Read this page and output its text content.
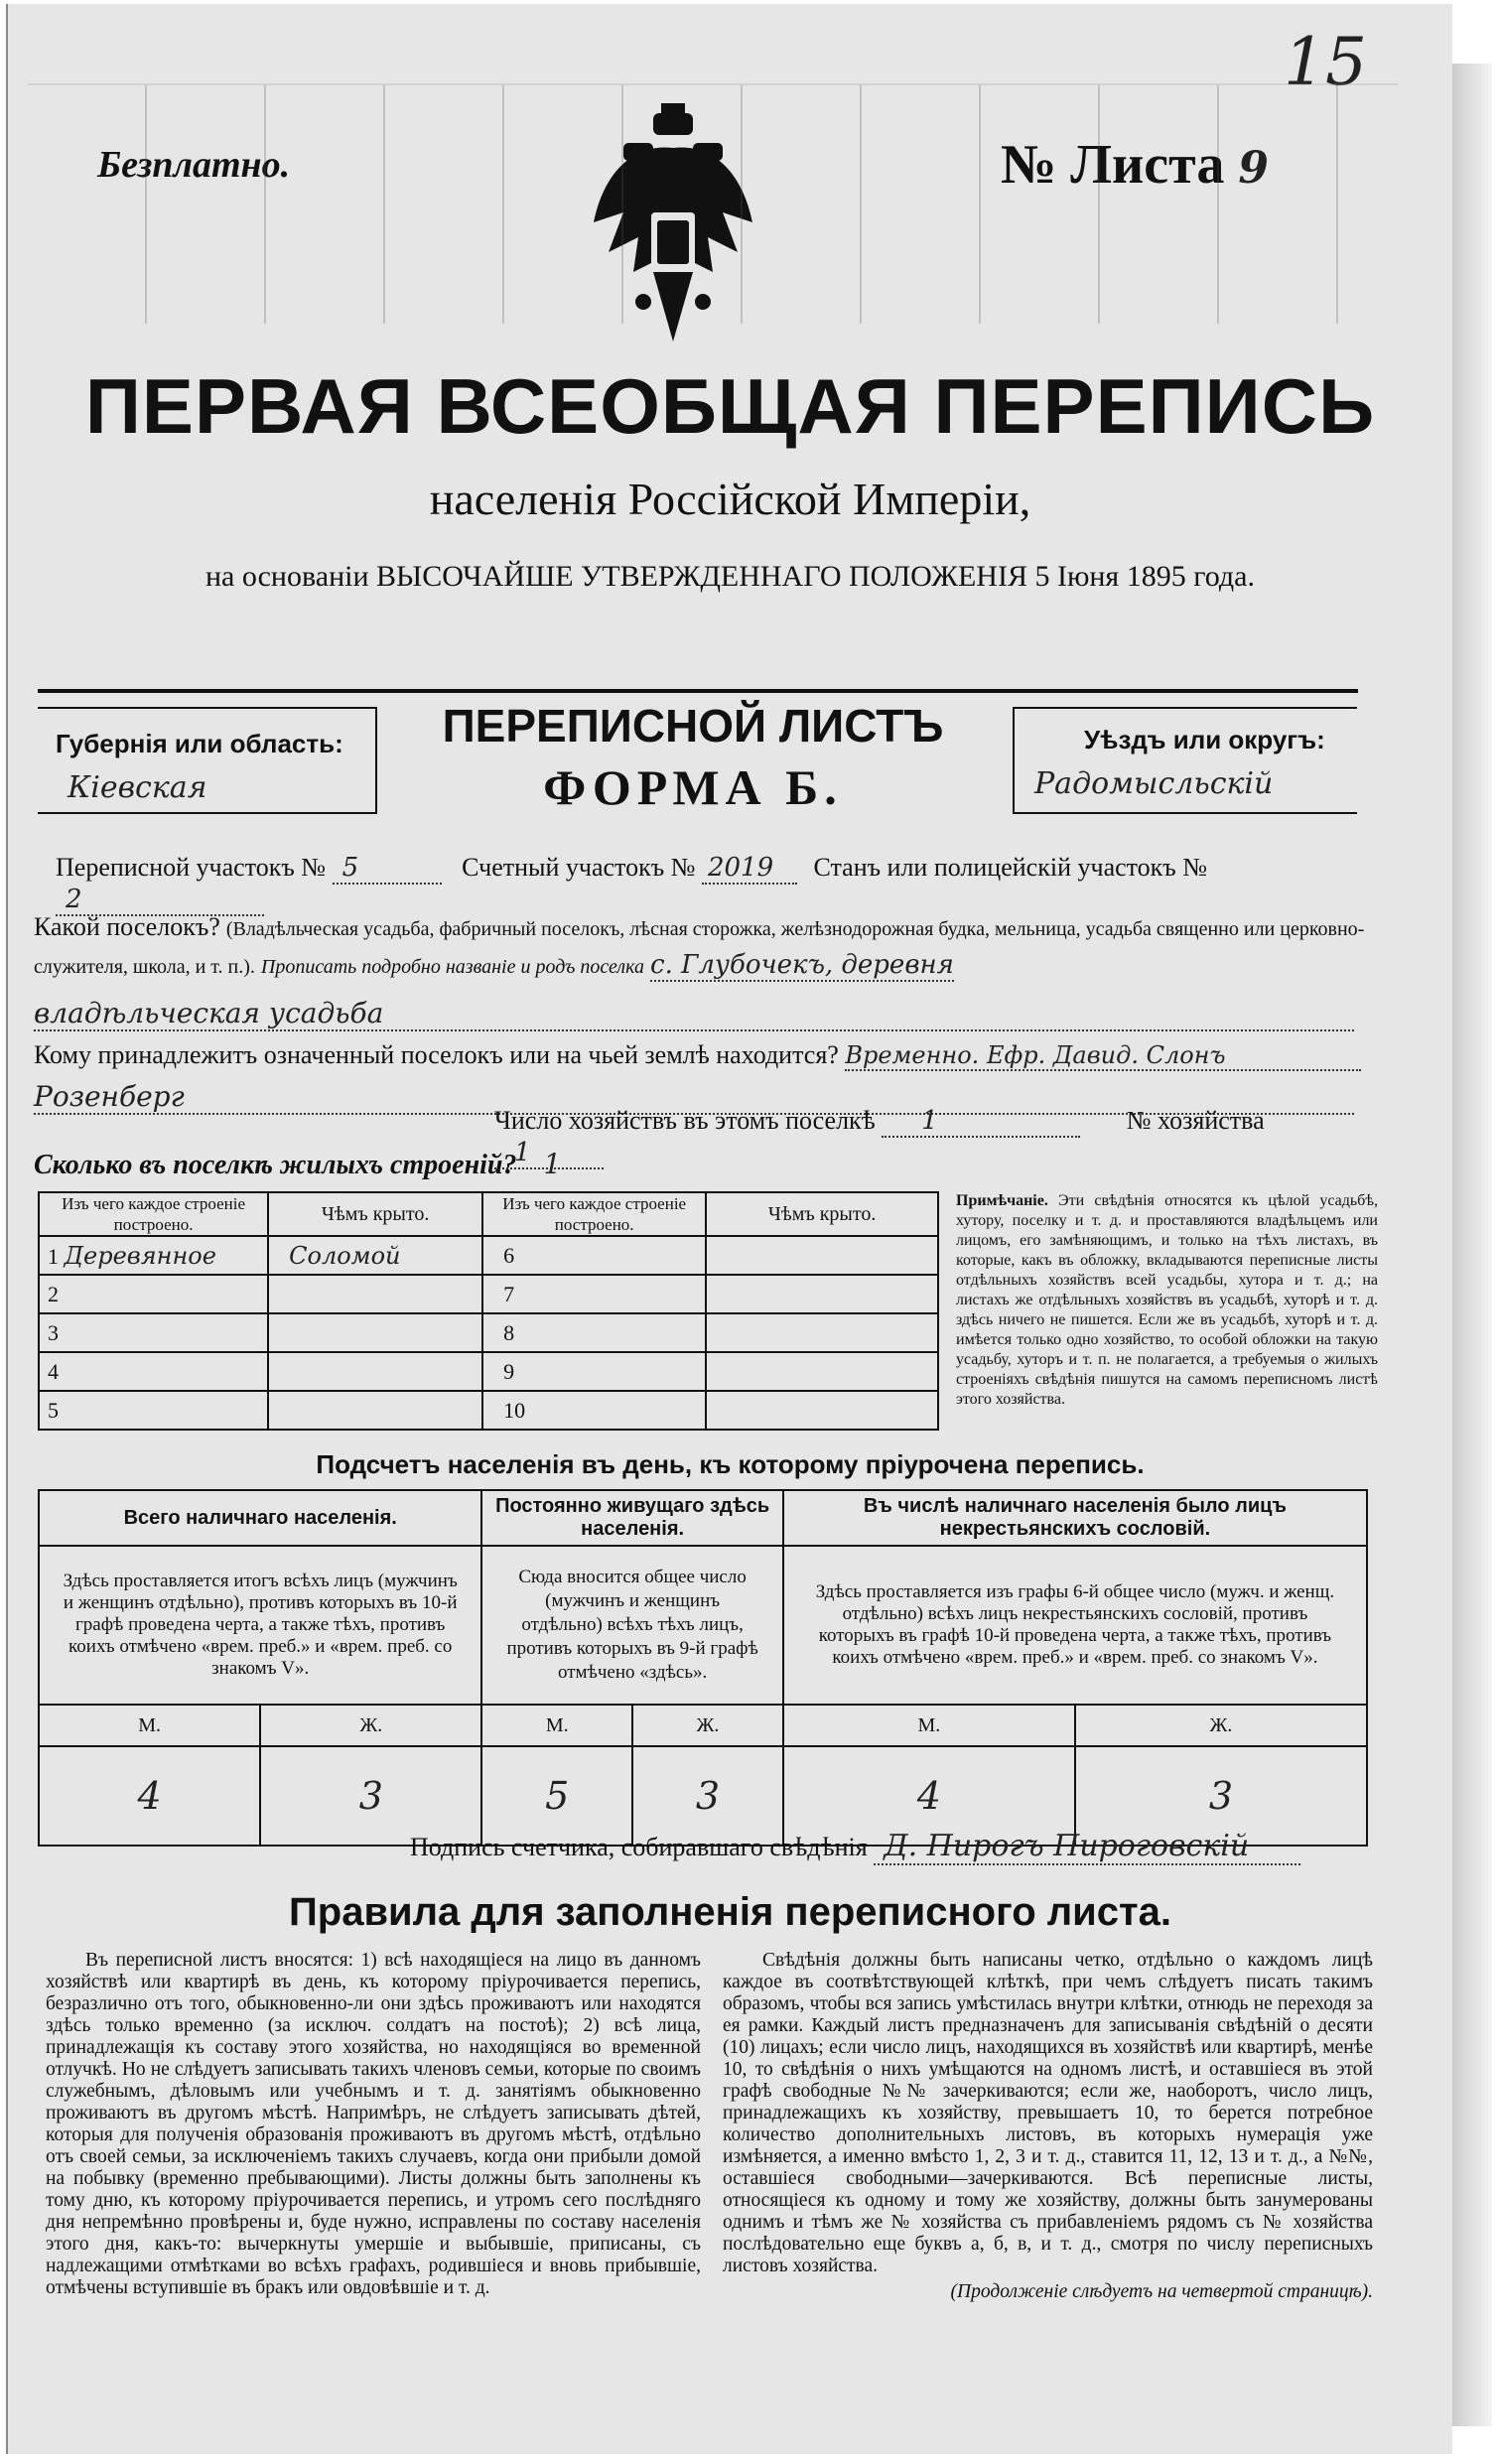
Безплатно.	№ Листа 9
15
ПЕРВАЯ ВСЕОБЩАЯ ПЕРЕПИСЬ
населенія Россійской Имперіи,
на основаніи ВЫСОЧАЙШЕ УТВЕРЖДЕННАГО ПОЛОЖЕНІЯ 5 Іюня 1895 года.
Губернія или область:
Кіевская
ПЕРЕПИСНОЙ ЛИСТЪ
ФОРМА Б.
Уѣздъ или округъ:
Радомысльскій
Переписной участокъ № 5	Счетный участокъ № 2019 Станъ или полицейскій участокъ № 2
Какой поселокъ? (Владѣльческая усадьба, фабричный поселокъ, лѣсная сторожка, желѣзнодорожная будка, мельница, усадьба священно или церковно-служителя, школа, и т. п.). Прописать подробно названіе и родъ поселка с. Глубочекъ, деревня
владѣльческая усадьба
Кому принадлежитъ означенный поселокъ или на чьей землѣ находится? Временно. Ефр. Давид. Слонъ
Розенберг
Число хозяйствъ въ этомъ поселкѣ 1	№ хозяйства 1
Сколько въ поселкѣ жилыхъ строеній? 1
Изъ чего каждое строеніе построено.	Чѣмъ крыто.	Изъ чего каждое строеніе построено.	Чѣмъ крыто.
1 Деревянное	Соломой	6	
2		7	
3		8	
4		9	
5		10	
Примѣчаніе. Эти свѣдѣнія относятся къ цѣлой усадьбѣ, хутору, поселку и т. д. и проставляются владѣльцемъ или лицомъ, его замѣняющимъ, и только на тѣхъ листахъ, въ которые, какъ въ обложку, вкладываются переписные листы отдѣльныхъ хозяйствъ всей усадьбы, хутора и т. д.; на листахъ же отдѣльныхъ хозяйствъ въ усадьбѣ, хуторѣ и т. д. здѣсь ничего не пишется. Если же въ усадьбѣ, хуторѣ и т. д. имѣется только одно хозяйство, то особой обложки на такую усадьбу, хуторъ и т. п. не полагается, а требуемыя о жилыхъ строеніяхъ свѣдѣнія пишутся на самомъ переписномъ листѣ этого хозяйства.
Подсчетъ населенія въ день, къ которому пріурочена перепись.
Всего наличнаго населенія.		Постоянно живущаго здѣсь населенія.		Въ числѣ наличнаго населенія было лицъ некрестьянскихъ сословій.	
Здѣсь проставляется итогъ всѣхъ лицъ (мужчинъ и женщинъ отдѣльно), противъ которыхъ въ 10-й графѣ проведена черта, а также тѣхъ, противъ коихъ отмѣчено «врем. преб.» и «врем. преб. со знакомъ V».		Сюда вносится общее число (мужчинъ и женщинъ отдѣльно) всѣхъ тѣхъ лицъ, противъ которыхъ въ 9-й графѣ отмѣчено «здѣсь».		Здѣсь проставляется изъ графы 6-й общее число (мужч. и женщ. отдѣльно) всѣхъ лицъ некрестьянскихъ сословій, противъ которыхъ въ графѣ 10-й проведена черта, а также тѣхъ, противъ коихъ отмѣчено «врем. преб.» и «врем. преб. со знакомъ V».	
М.	Ж.	М.	Ж.	М.	Ж.
4	3	5	3	4	3
Подпись счетчика, собиравшаго свѣдѣнія Д. Пирогъ Пироговскій
Правила для заполненія переписного листа.
Въ переписной листъ вносятся: 1) всѣ находящіеся на лицо въ данномъ хозяйствѣ или квартирѣ въ день, къ которому пріурочивается перепись, безразлично отъ того, обыкновенно-ли они здѣсь проживаютъ или находятся здѣсь только временно (за исключ. солдатъ на постоѣ); 2) всѣ лица, принадлежащія къ составу этого хозяйства, но находящіяся во временной отлучкѣ. Но не слѣдуетъ записывать такихъ членовъ семьи, которые по своимъ служебнымъ, дѣловымъ или учебнымъ и т. д. занятіямъ обыкновенно проживаютъ въ другомъ мѣстѣ. Напримѣръ, не слѣдуетъ записывать дѣтей, которыя для полученія образованія проживаютъ въ другомъ мѣстѣ, отдѣльно отъ своей семьи, за исключеніемъ такихъ случаевъ, когда они прибыли домой на побывку (временно пребывающими). Листы должны быть заполнены къ тому дню, къ которому пріурочивается перепись, и утромъ сего послѣдняго дня непремѣнно провѣрены и, буде нужно, исправлены по составу населенія этого дня, какъ-то: вычеркнуты умершіе и выбывшіе, приписаны, съ надлежащими отмѣтками во всѣхъ графахъ, родившіеся и вновь прибывшіе, отмѣчены вступившіе въ бракъ или овдовѣвшіе и т. д.
Свѣдѣнія должны быть написаны четко, отдѣльно о каждомъ лицѣ каждое въ соотвѣтствующей клѣткѣ, при чемъ слѣдуетъ писать такимъ образомъ, чтобы вся запись умѣстилась внутри клѣтки, отнюдь не переходя за ея рамки. Каждый листъ предназначенъ для записыванія свѣдѣній о десяти (10) лицахъ; если число лицъ, находящихся въ хозяйствѣ или квартирѣ, менѣе 10, то свѣдѣнія о нихъ умѣщаются на одномъ листѣ, и оставшіеся въ этой графѣ свободные №№ зачеркиваются; если же, наоборотъ, число лицъ, принадлежащихъ къ хозяйству, превышаетъ 10, то берется потребное количество дополнительныхъ листовъ, въ которыхъ нумерація уже измѣняется, а именно вмѣсто 1, 2, 3 и т. д., ставится 11, 12, 13 и т. д., а №№, оставшіеся свободными—зачеркиваются. Всѣ переписные листы, относящіеся къ одному и тому же хозяйству, должны быть занумерованы однимъ и тѣмъ же № хозяйства съ прибавленіемъ рядомъ съ № хозяйства послѣдовательно еще буквъ а, б, в, и т. д., смотря по числу переписныхъ листовъ хозяйства.
(Продолженіе слѣдуетъ на четвертой страницѣ).
